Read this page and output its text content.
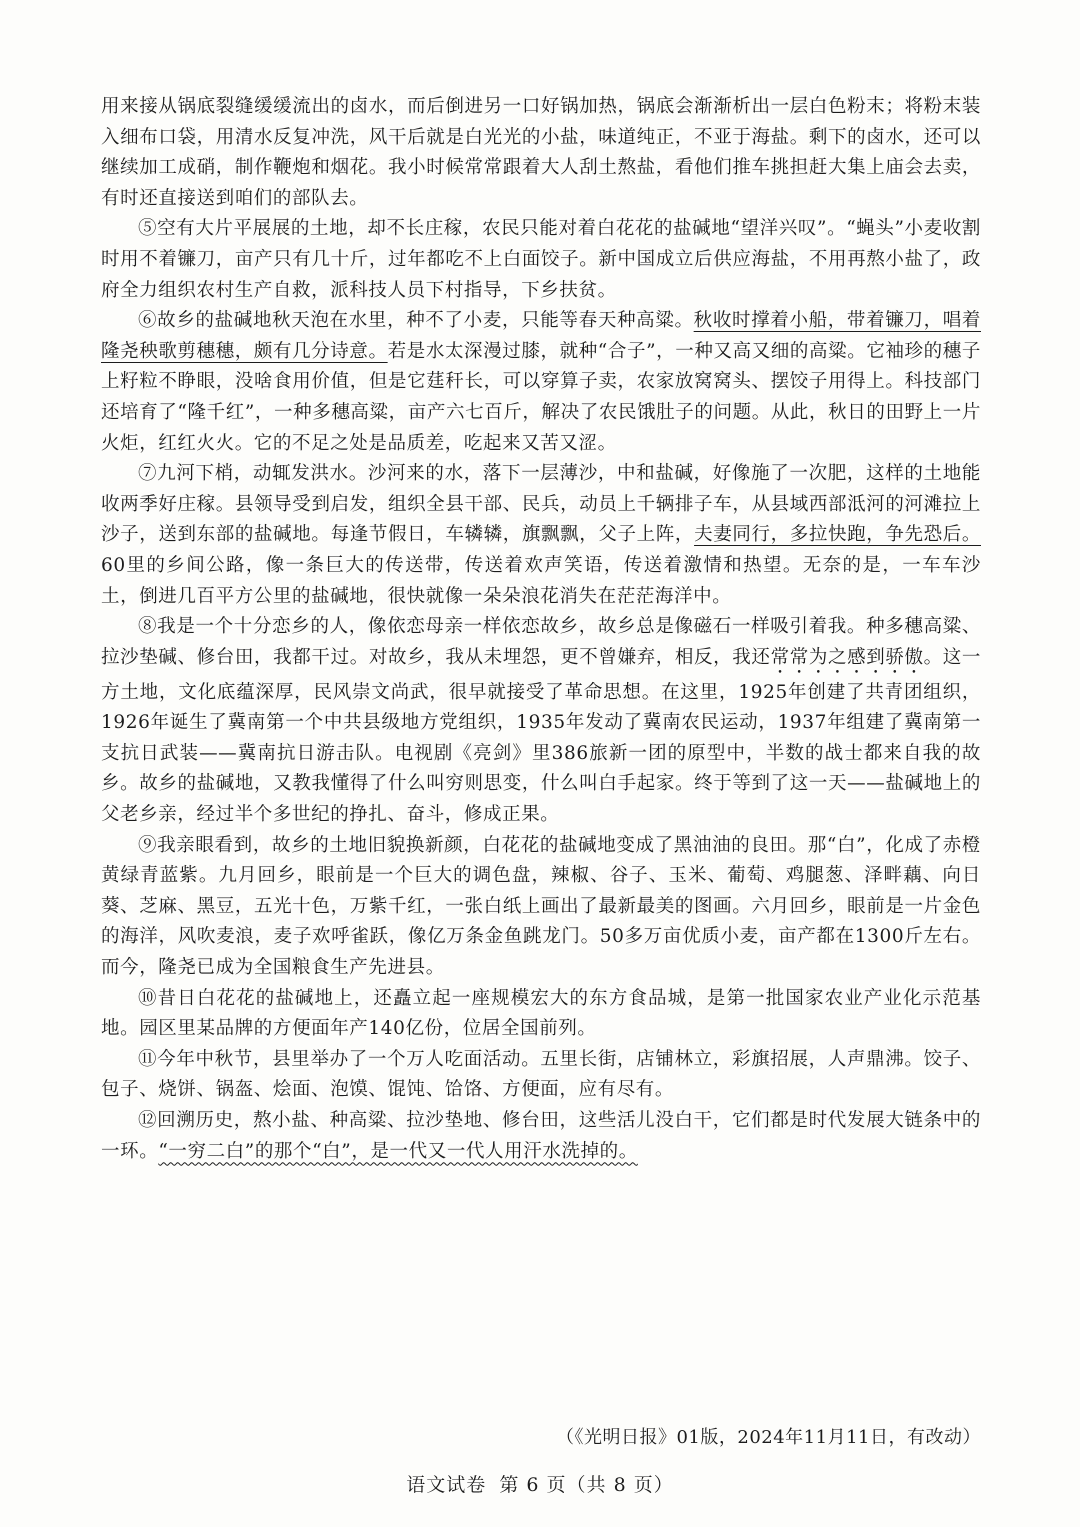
用来接从锅底裂缝缓缓流出的卤水，而后倒进另一口好锅加热，锅底会渐渐析出一层白色粉末；将粉末装入细布口袋，用清水反复冲洗，风干后就是白光光的小盐，味道纯正，不亚于海盐。剩下的卤水，还可以继续加工成硝，制作鞭炮和烟花。我小时候常常跟着大人刮土熬盐，看他们推车挑担赶大集上庙会去卖，有时还直接送到咱们的部队去。

⑤空有大片平展展的土地，却不长庄稼，农民只能对着白花花的盐碱地“望洋兴叹”。“蝇头”小麦收割时用不着镰刀，亩产只有几十斤，过年都吃不上白面饺子。新中国成立后供应海盐，不用再熬小盐了，政府全力组织农村生产自救，派科技人员下村指导，下乡扶贫。

⑥故乡的盐碱地秋天泡在水里，种不了小麦，只能等春天种高粱。秋收时撑着小船，带着镰刀，唱着隆尧秧歌剪穗穗，颇有几分诗意。若是水太深漫过膝，就种“合子”，一种又高又细的高粱。它袖珍的穗子上籽粒不睁眼，没啥食用价值，但是它莛秆长，可以穿算子卖，农家放窝窝头、摆饺子用得上。科技部门还培育了“隆千红”，一种多穗高粱，亩产六七百斤，解决了农民饿肚子的问题。从此，秋日的田野上一片火炬，红红火火。它的不足之处是品质差，吃起来又苦又涩。

⑦九河下梢，动辄发洪水。沙河来的水，落下一层薄沙，中和盐碱，好像施了一次肥，这样的土地能收两季好庄稼。县领导受到启发，组织全县干部、民兵，动员上千辆排子车，从县域西部泜河的河滩拉上沙子，送到东部的盐碱地。每逢节假日，车辚辚，旗飘飘，父子上阵，夫妻同行，多拉快跑，争先恐后。60里的乡间公路，像一条巨大的传送带，传送着欢声笑语，传送着激情和热望。无奈的是，一车车沙土，倒进几百平方公里的盐碱地，很快就像一朵朵浪花消失在茫茫海洋中。

⑧我是一个十分恋乡的人，像依恋母亲一样依恋故乡，故乡总是像磁石一样吸引着我。种多穗高粱、拉沙垫碱、修台田，我都干过。对故乡，我从未埋怨，更不曾嫌弃，相反，我还常常为之感到骄傲。这一方土地，文化底蕴深厚，民风崇文尚武，很早就接受了革命思想。在这里，1925年创建了共青团组织，1926年诞生了冀南第一个中共县级地方党组织，1935年发动了冀南农民运动，1937年组建了冀南第一支抗日武装——冀南抗日游击队。电视剧《亮剑》里386旅新一团的原型中，半数的战士都来自我的故乡。故乡的盐碱地，又教我懂得了什么叫穷则思变，什么叫白手起家。终于等到了这一天——盐碱地上的父老乡亲，经过半个多世纪的挣扎、奋斗，修成正果。

⑨我亲眼看到，故乡的土地旧貌换新颜，白花花的盐碱地变成了黑油油的良田。那“白”，化成了赤橙黄绿青蓝紫。九月回乡，眼前是一个巨大的调色盘，辣椒、谷子、玉米、葡萄、鸡腿葱、泽畔藕、向日葵、芝麻、黑豆，五光十色，万紫千红，一张白纸上画出了最新最美的图画。六月回乡，眼前是一片金色的海洋，风吹麦浪，麦子欢呼雀跃，像亿万条金鱼跳龙门。50多万亩优质小麦，亩产都在1300斤左右。而今，隆尧已成为全国粮食生产先进县。

⑩昔日白花花的盐碱地上，还矗立起一座规模宏大的东方食品城，是第一批国家农业产业化示范基地。园区里某品牌的方便面年产140亿份，位居全国前列。

⑪今年中秋节，县里举办了一个万人吃面活动。五里长街，店铺林立，彩旗招展，人声鼎沸。饺子、包子、烧饼、锅盔、烩面、泡馍、馄饨、饸饹、方便面，应有尽有。

⑫回溯历史，熬小盐、种高粱、拉沙垫地、修台田，这些活儿没白干，它们都是时代发展大链条中的一环。“一穷二白”的那个“白”，是一代又一代人用汗水洗掉的。

（《光明日报》01版，2024年11月11日，有改动）
语文试卷 第 6 页（共 8 页）
